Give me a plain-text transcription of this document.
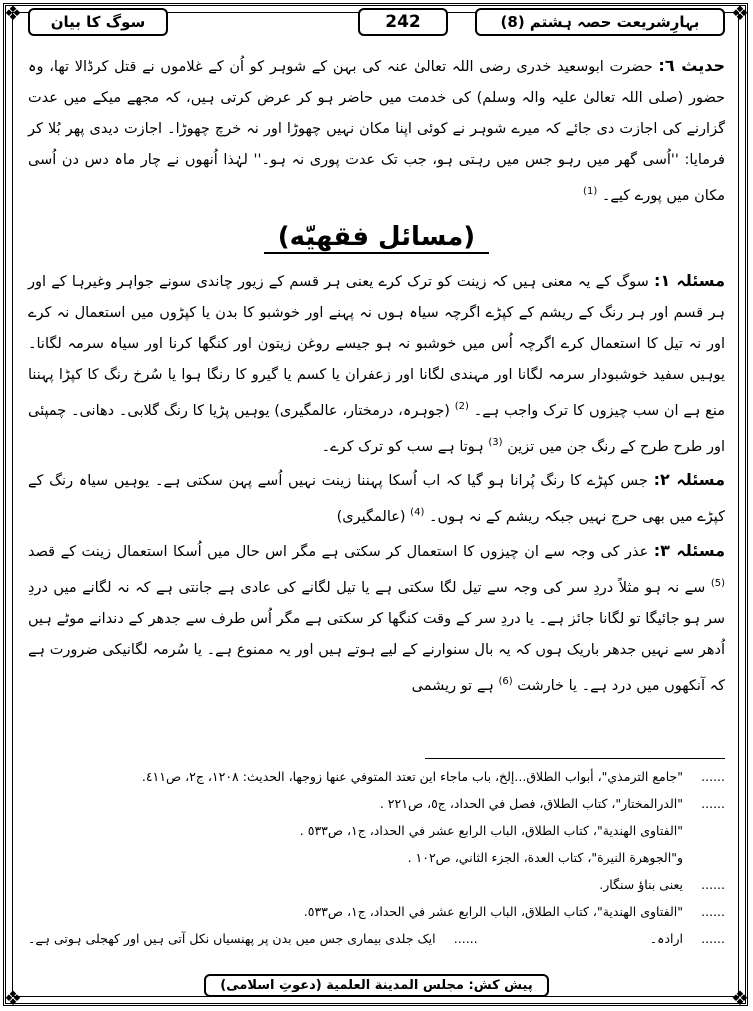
❖	❖
❖	❖
بہارِشریعت حصہ ہشتم (8)
242
سوگ کا بیان

حدیث ٦: حضرت ابوسعید خدری رضی اللہ تعالیٰ عنہ کی بہن کے شوہر کو اُن کے غلاموں نے قتل کرڈالا تھا، وہ حضور (صلی اللہ تعالیٰ علیہ والہ وسلم) کی خدمت میں حاضر ہو کر عرض کرتی ہیں، کہ مجھے میکے میں عدت گزارنے کی اجازت دی جائے کہ میرے شوہر نے کوئی اپنا مکان نہیں چھوڑا اور نہ خرچ چھوڑا۔ اجازت دیدی پھر بُلا کر فرمایا: ''اُسی گھر میں رہو جس میں رہتی ہو، جب تک عدت پوری نہ ہو۔'' لہٰذا اُنھوں نے چار ماہ دس دن اُسی مکان میں پورے کیے۔ $^{(1)}$

(مسائل فقهيّه)

مسئلہ ١: سوگ کے یہ معنی ہیں کہ زینت کو ترک کرے یعنی ہر قسم کے زیور چاندی سونے جواہر وغیرہا کے اور ہر قسم اور ہر رنگ کے ریشم کے کپڑے اگرچہ سیاہ ہوں نہ پہنے اور خوشبو کا بدن یا کپڑوں میں استعمال نہ کرے اور نہ تیل کا استعمال کرے اگرچہ اُس میں خوشبو نہ ہو جیسے روغن زیتون اور کنگھا کرنا اور سیاہ سرمہ لگانا۔ یوہیں سفید خوشبودار سرمہ لگانا اور مہندی لگانا اور زعفران یا کسم یا گیرو کا رنگا ہوا یا سُرخ رنگ کا کپڑا پہننا منع ہے ان سب چیزوں کا ترک واجب ہے۔ $^{(2)}$ (جوہرہ، درمختار، عالمگیری) یوہیں پڑیا کا رنگ گلابی۔ دھانی۔ چمپئی اور طرح طرح کے رنگ جن میں تزین $^{(3)}$ ہوتا ہے سب کو ترک کرے۔

مسئلہ ٢: جس کپڑے کا رنگ پُرانا ہو گیا کہ اب اُسکا پہننا زینت نہیں اُسے پہن سکتی ہے۔ یوہیں سیاہ رنگ کے کپڑے میں بھی حرج نہیں جبکہ ریشم کے نہ ہوں۔ $^{(4)}$ (عالمگیری)

مسئلہ ٣: عذر کی وجہ سے ان چیزوں کا استعمال کر سکتی ہے مگر اس حال میں اُسکا استعمال زینت کے قصد $^{(5)}$ سے نہ ہو مثلاً دردِ سر کی وجہ سے تیل لگا سکتی ہے یا تیل لگانے کی عادی ہے جانتی ہے کہ نہ لگانے میں دردِ سر ہو جائیگا تو لگانا جائز ہے۔ یا دردِ سر کے وقت کنگھا کر سکتی ہے مگر اُس طرف سے جدھر کے دندانے موٹے ہیں اُدھر سے نہیں جدھر باریک ہوں کہ یہ بال سنوارنے کے لیے ہوتے ہیں اور یہ ممنوع ہے۔ یا سُرمہ لگانیکی ضرورت ہے کہ آنکھوں میں درد ہے۔ یا خارشت $^{(6)}$ ہے تو ریشمی

......
"جامع الترمذي"، أبواب الطلاق...إلخ، باب ماجاء اين تعتد المتوفي عنها زوجها، الحديث: ١٢٠٨، ج٢، ص٤١١.
......
"الدرالمختار"، كتاب الطلاق، فصل في الحداد، ج٥، ص٢٢١ .
"الفتاوى الهندية"، كتاب الطلاق، الباب الرابع عشر في الحداد، ج١، ص٥٣٣ .
و"الجوهرة النيرة"، كتاب العدة، الجزء الثاني، ص١٠٢ .
......
یعنی بناؤ سنگار.
......
"الفتاوى الهندية"، كتاب الطلاق، الباب الرابع عشر في الحداد، ج١، ص٥٣٣.
......
ارادہ۔
......
ایک جلدی بیماری جس میں بدن پر پھنسیاں نکل آتی ہیں اور کھجلی ہوتی ہے۔
پیش کش: مجلس المدينة العلمية (دعوتِ اسلامی)
